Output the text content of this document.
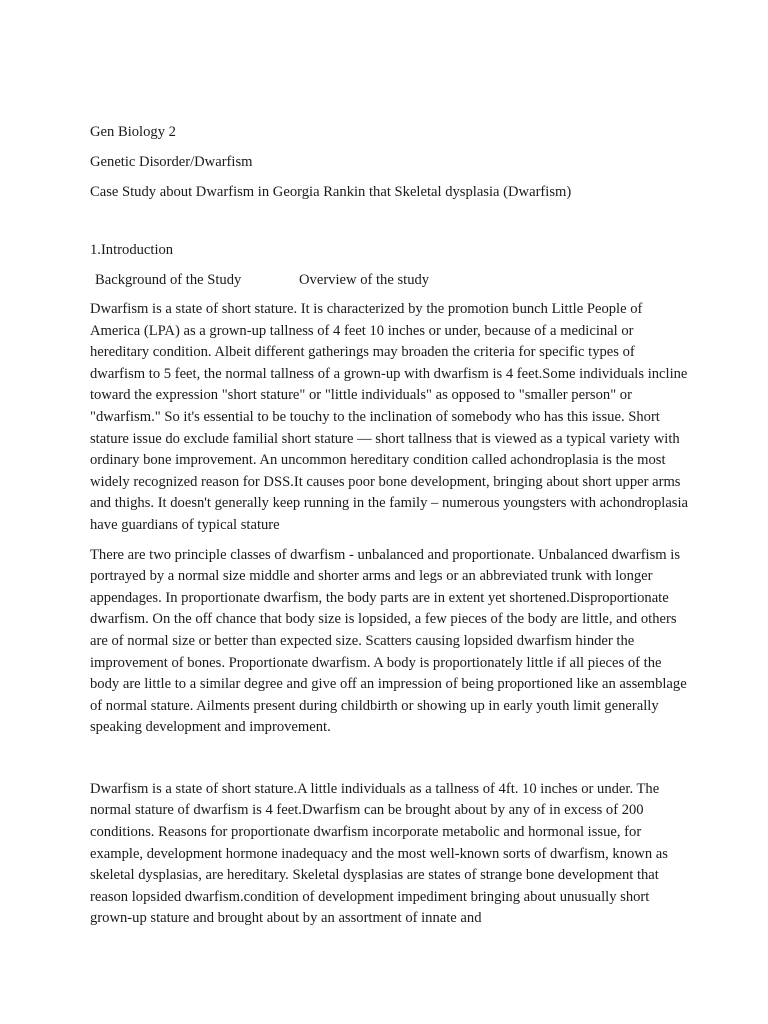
Gen Biology 2

Genetic Disorder/Dwarfism

Case Study about Dwarfism in Georgia Rankin that Skeletal dysplasia (Dwarfism)

1.Introduction

Background of the Study	Overview of the study

Dwarfism is a state of short stature. It is characterized by the promotion bunch Little People of America (LPA) as a grown-up tallness of 4 feet 10 inches or under, because of a medicinal or hereditary condition. Albeit different gatherings may broaden the criteria for specific types of dwarfism to 5 feet, the normal tallness of a grown-up with dwarfism is 4 feet.Some individuals incline toward the expression "short stature" or "little individuals" as opposed to "smaller person" or "dwarfism." So it's essential to be touchy to the inclination of somebody who has this issue. Short stature issue do exclude familial short stature — short tallness that is viewed as a typical variety with ordinary bone improvement. An uncommon hereditary condition called achondroplasia is the most widely recognized reason for DSS.It causes poor bone development, bringing about short upper arms and thighs. It doesn't generally keep running in the family – numerous youngsters with achondroplasia have guardians of typical stature

There are two principle classes of dwarfism - unbalanced and proportionate. Unbalanced dwarfism is portrayed by a normal size middle and shorter arms and legs or an abbreviated trunk with longer appendages. In proportionate dwarfism, the body parts are in extent yet shortened.Disproportionate dwarfism. On the off chance that body size is lopsided, a few pieces of the body are little, and others are of normal size or better than expected size. Scatters causing lopsided dwarfism hinder the improvement of bones. Proportionate dwarfism. A body is proportionately little if all pieces of the body are little to a similar degree and give off an impression of being proportioned like an assemblage of normal stature. Ailments present during childbirth or showing up in early youth limit generally speaking development and improvement.

Dwarfism is a state of short stature.A little individuals as a tallness of 4ft. 10 inches or under. The normal stature of dwarfism is 4 feet.Dwarfism can be brought about by any of in excess of 200 conditions. Reasons for proportionate dwarfism incorporate metabolic and hormonal issue, for example, development hormone inadequacy and the most well-known sorts of dwarfism, known as skeletal dysplasias, are hereditary. Skeletal dysplasias are states of strange bone development that reason lopsided dwarfism.condition of development impediment bringing about unusually short grown-up stature and brought about by an assortment of innate and
